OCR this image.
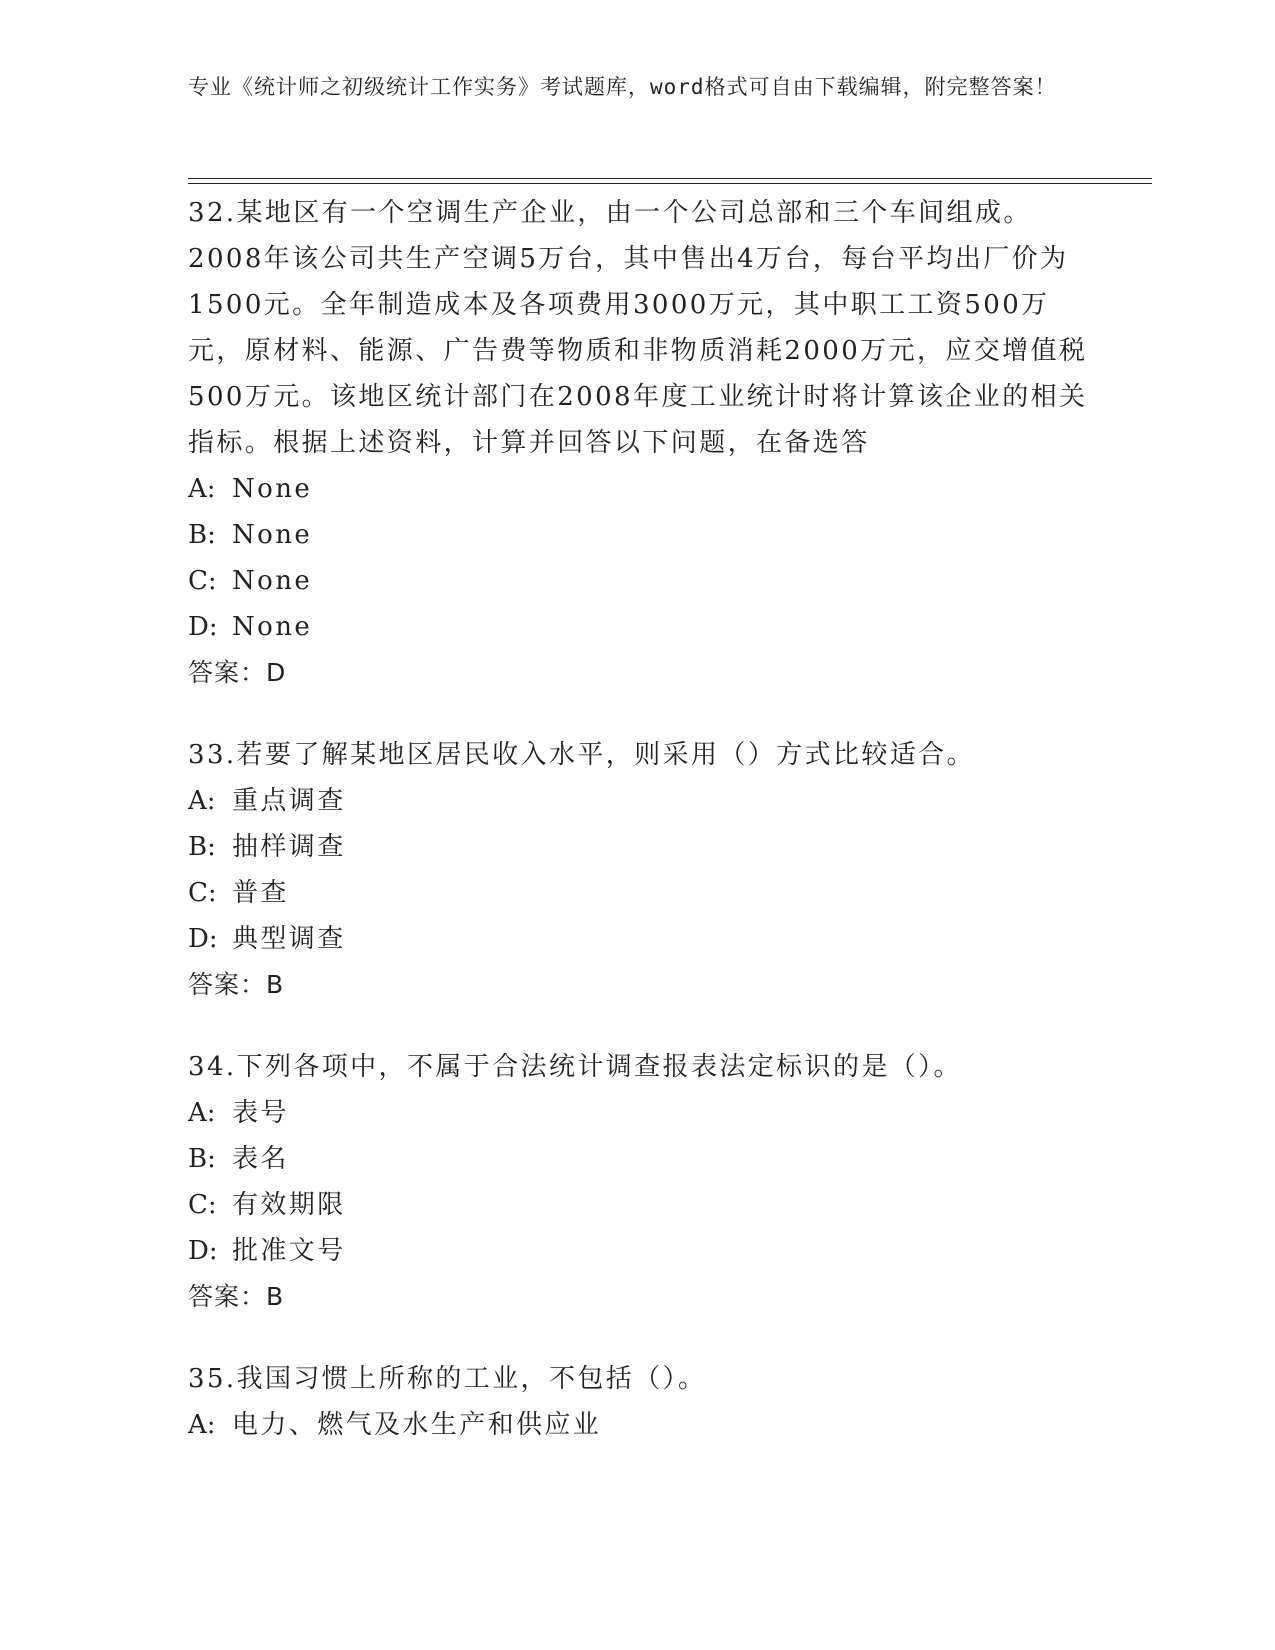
专业《统计师之初级统计工作实务》考试题库，word格式可自由下载编辑，附完整答案！

32.某地区有一个空调生产企业，由一个公司总部和三个车间组成。2008年该公司共生产空调5万台，其中售出4万台，每台平均出厂价为1500元。全年制造成本及各项费用3000万元，其中职工工资500万元，原材料、能源、广告费等物质和非物质消耗2000万元，应交增值税500万元。该地区统计部门在2008年度工业统计时将计算该企业的相关指标。根据上述资料，计算并回答以下问题，在备选答

A: None

B: None

C: None

D: None

答案：D

33.若要了解某地区居民收入水平，则采用（）方式比较适合。

A: 重点调查

B: 抽样调查

C: 普查

D: 典型调查

答案：B

34.下列各项中，不属于合法统计调查报表法定标识的是（）。

A: 表号

B: 表名

C: 有效期限

D: 批准文号

答案：B

35.我国习惯上所称的工业，不包括（）。

A: 电力、燃气及水生产和供应业
